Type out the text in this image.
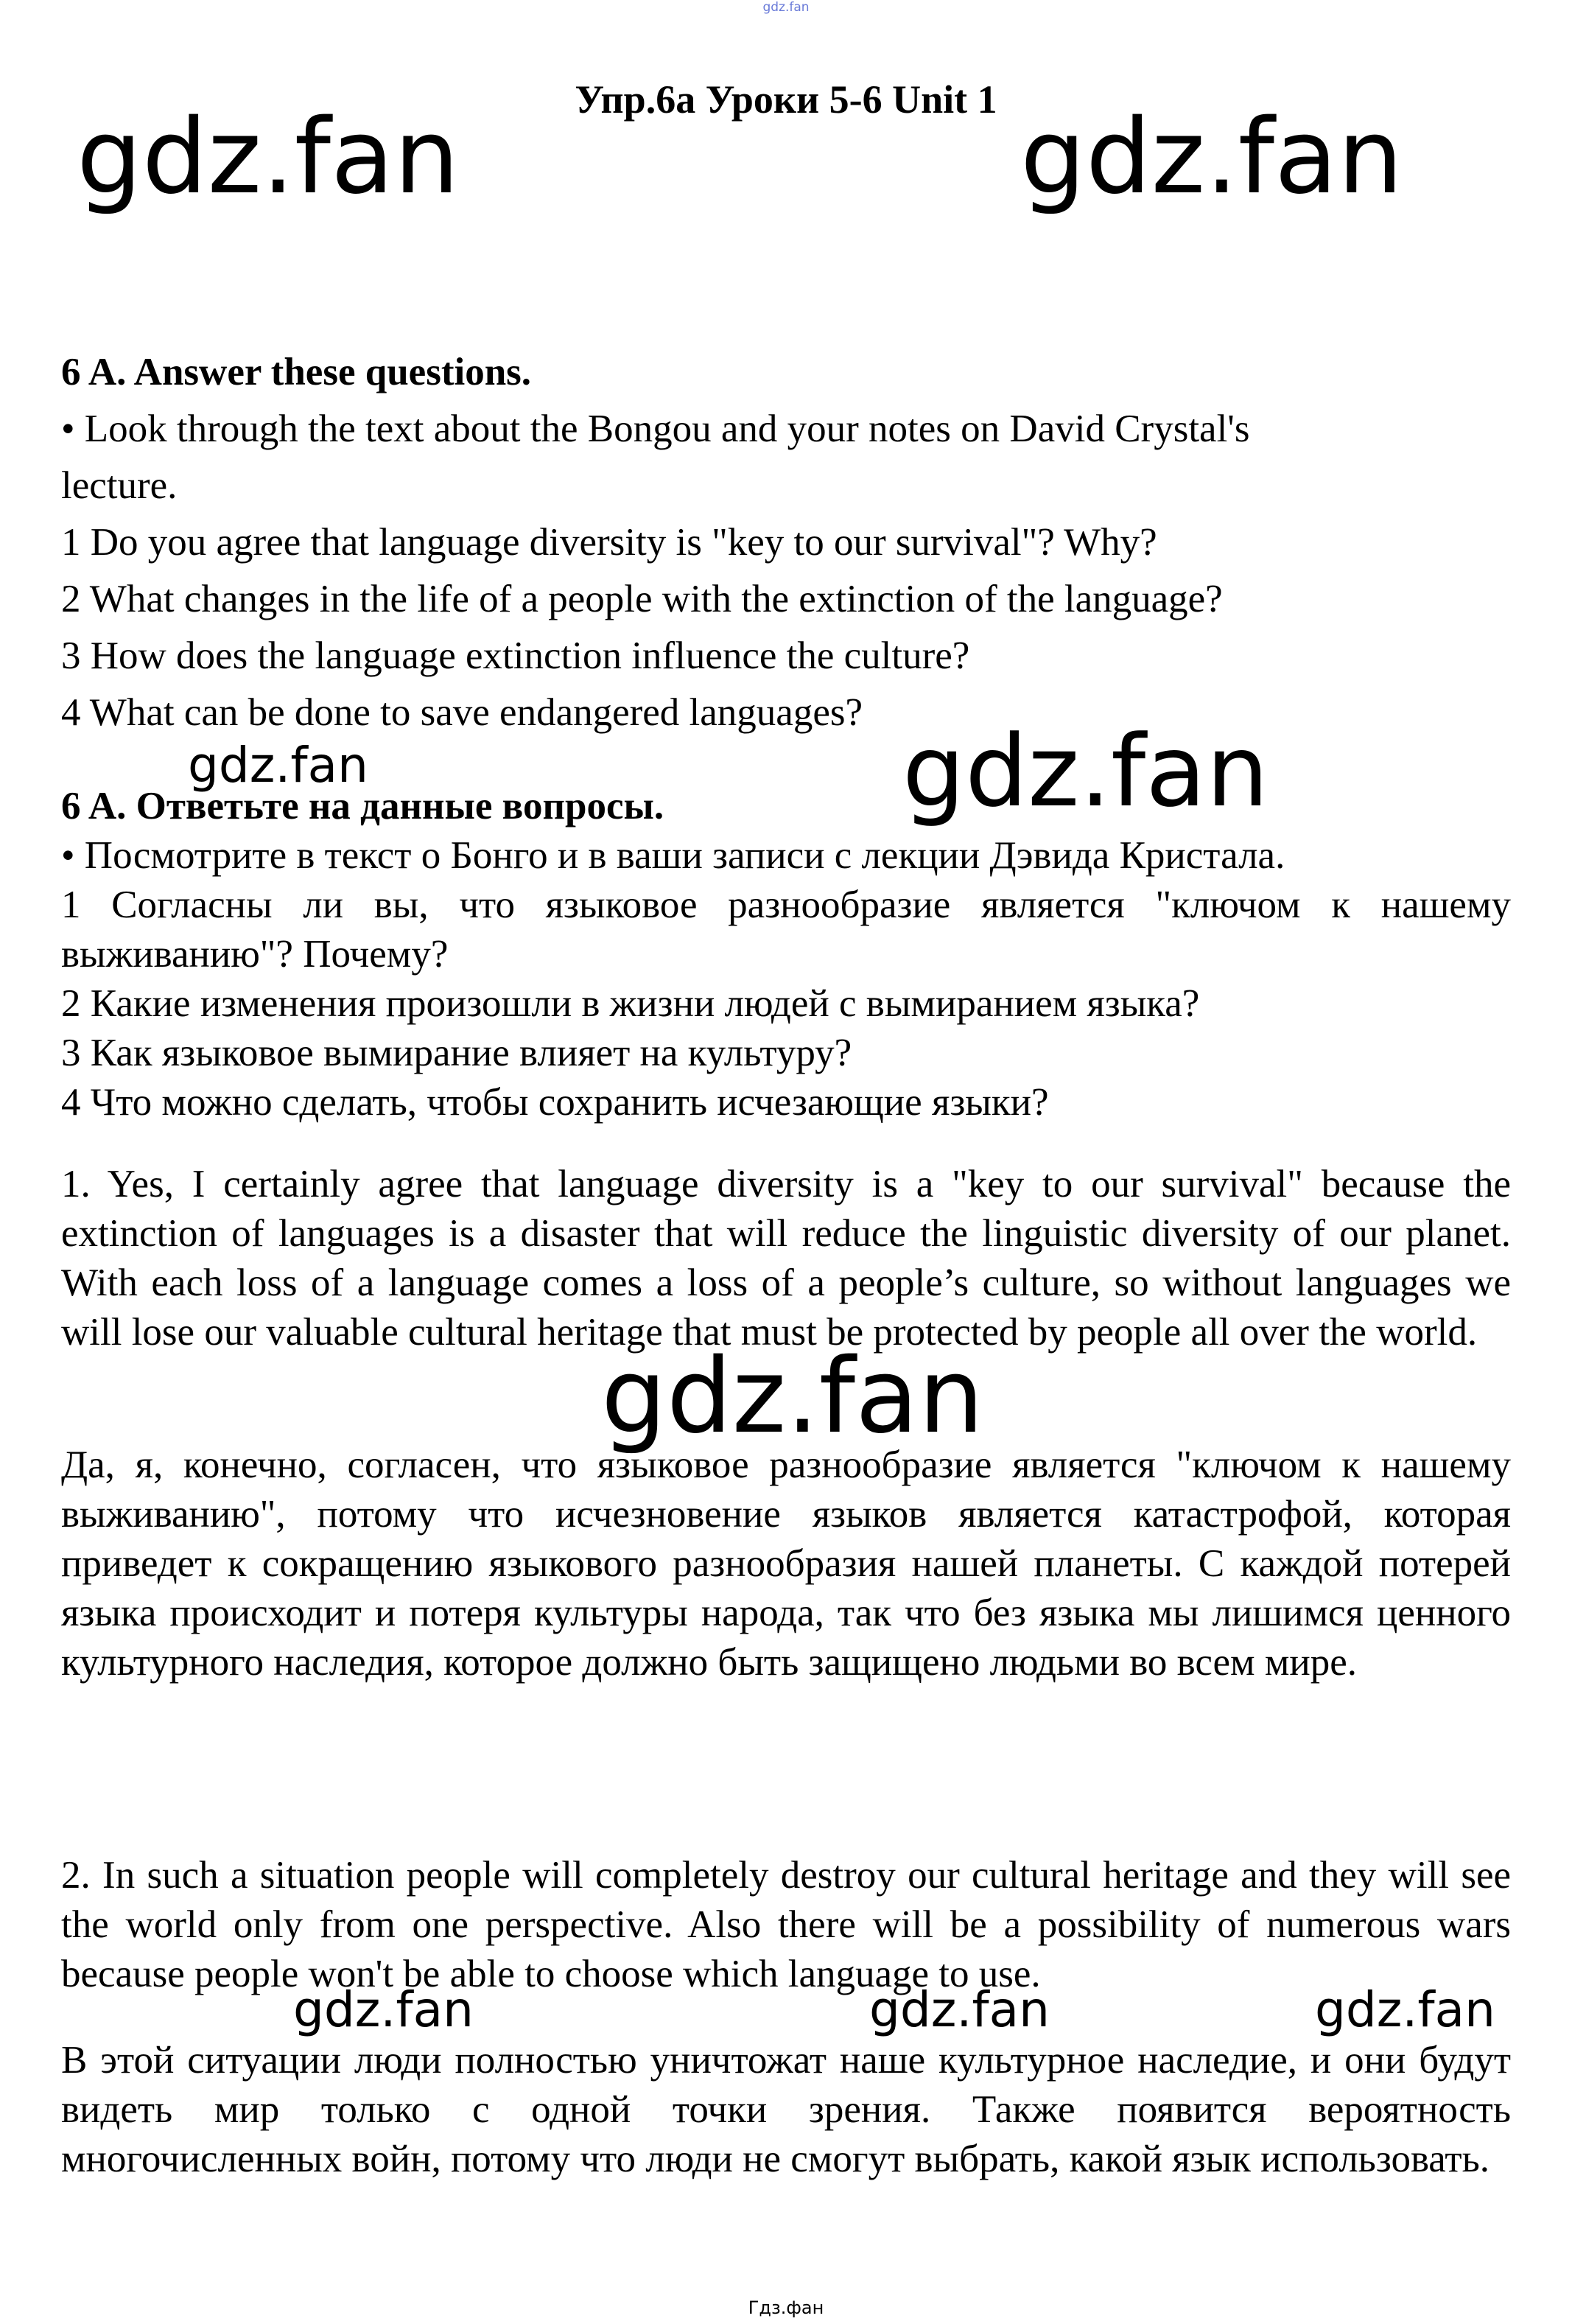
gdz.fan
Упр.6а Уроки 5-6 Unit 1
gdz.fan	gdz.fan
6 A. Answer these questions.
• Look through the text about the Bongou and your notes on David Crystal's
lecture.
1 Do you agree that language diversity is "key to our survival"? Why?
2 What changes in the life of a people with the extinction of the language?
3 How does the language extinction influence the culture?
4 What can be done to save endangered languages?
gdz.fan	gdz.fan
6 A. Ответьте на данные вопросы.
• Посмотрите в текст о Бонго и в ваши записи с лекции Дэвида Кристала.
1 Согласны ли вы, что языковое разнообразие является "ключом к нашему выживанию"? Почему?
2 Какие изменения произошли в жизни людей с вымиранием языка?
3 Как языковое вымирание влияет на культуру?
4 Что можно сделать, чтобы сохранить исчезающие языки?
1. Yes, I certainly agree that language diversity is a "key to our survival" because the extinction of languages is a disaster that will reduce the linguistic diversity of our planet. With each loss of a language comes a loss of a people’s culture, so without languages we will lose our valuable cultural heritage that must be protected by people all over the world.
gdz.fan
Да, я, конечно, согласен, что языковое разнообразие является "ключом к нашему выживанию", потому что исчезновение языков является катастрофой, которая приведет к сокращению языкового разнообразия нашей планеты. С каждой потерей языка происходит и потеря культуры народа, так что без языка мы лишимся ценного культурного наследия, которое должно быть защищено людьми во всем мире.
2. In such a situation people will completely destroy our cultural heritage and they will see the world only from one perspective. Also there will be a possibility of numerous wars because people won't be able to choose which language to use.
gdz.fan	gdz.fan	gdz.fan
В этой ситуации люди полностью уничтожат наше культурное наследие, и они будут видеть мир только с одной точки зрения. Также появится вероятность многочисленных войн, потому что люди не смогут выбрать, какой язык использовать.
Гдз.фан
